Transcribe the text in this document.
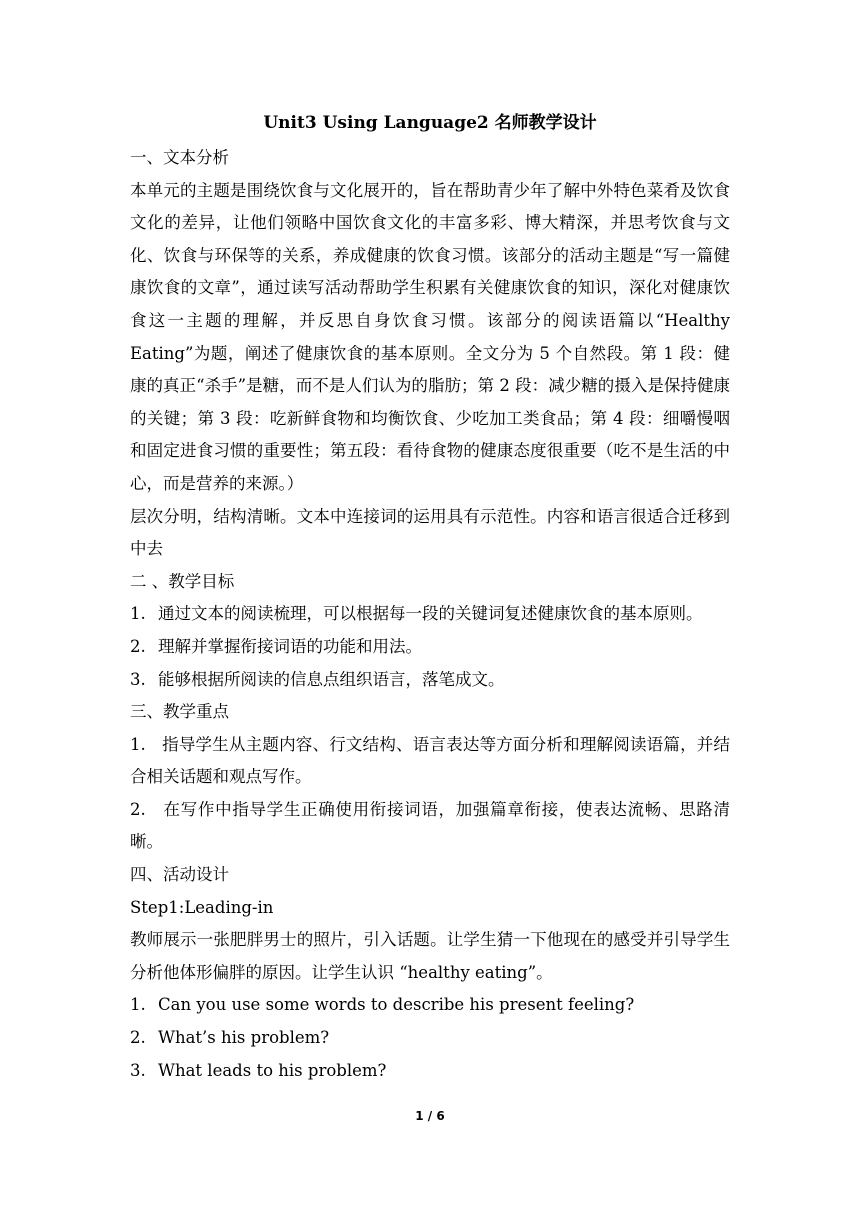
Unit3 Using Language2 名师教学设计

一、文本分析

本单元的主题是围绕饮食与文化展开的，旨在帮助青少年了解中外特色菜肴及饮食文化的差异，让他们领略中国饮食文化的丰富多彩、博大精深，并思考饮食与文化、饮食与环保等的关系，养成健康的饮食习惯。该部分的活动主题是“写一篇健康饮食的文章”，通过读写活动帮助学生积累有关健康饮食的知识，深化对健康饮食这一主题的理解，并反思自身饮食习惯。该部分的阅读语篇以“Healthy Eating”为题，阐述了健康饮食的基本原则。全文分为 5 个自然段。第 1 段：健康的真正“杀手”是糖，而不是人们认为的脂肪；第 2 段：减少糖的摄入是保持健康的关键；第 3 段：吃新鲜食物和均衡饮食、少吃加工类食品；第 4 段：细嚼慢咽和固定进食习惯的重要性；第五段：看待食物的健康态度很重要（吃不是生活的中心，而是营养的来源。）

层次分明，结构清晰。文本中连接词的运用具有示范性。内容和语言很适合迁移到中去

二 、教学目标

1. 通过文本的阅读梳理，可以根据每一段的关键词复述健康饮食的基本原则。
2. 理解并掌握衔接词语的功能和用法。
3. 能够根据所阅读的信息点组织语言，落笔成文。

三、教学重点

1. 指导学生从主题内容、行文结构、语言表达等方面分析和理解阅读语篇，并结合相关话题和观点写作。

2. 在写作中指导学生正确使用衔接词语，加强篇章衔接，使表达流畅、思路清晰。

四、活动设计

Step1:Leading-in

教师展示一张肥胖男士的照片，引入话题。让学生猜一下他现在的感受并引导学生分析他体形偏胖的原因。让学生认识 “healthy eating”。

1. Can you use some words to describe his present feeling?
2. What’s his problem?
3. What leads to his problem?
1 / 6
